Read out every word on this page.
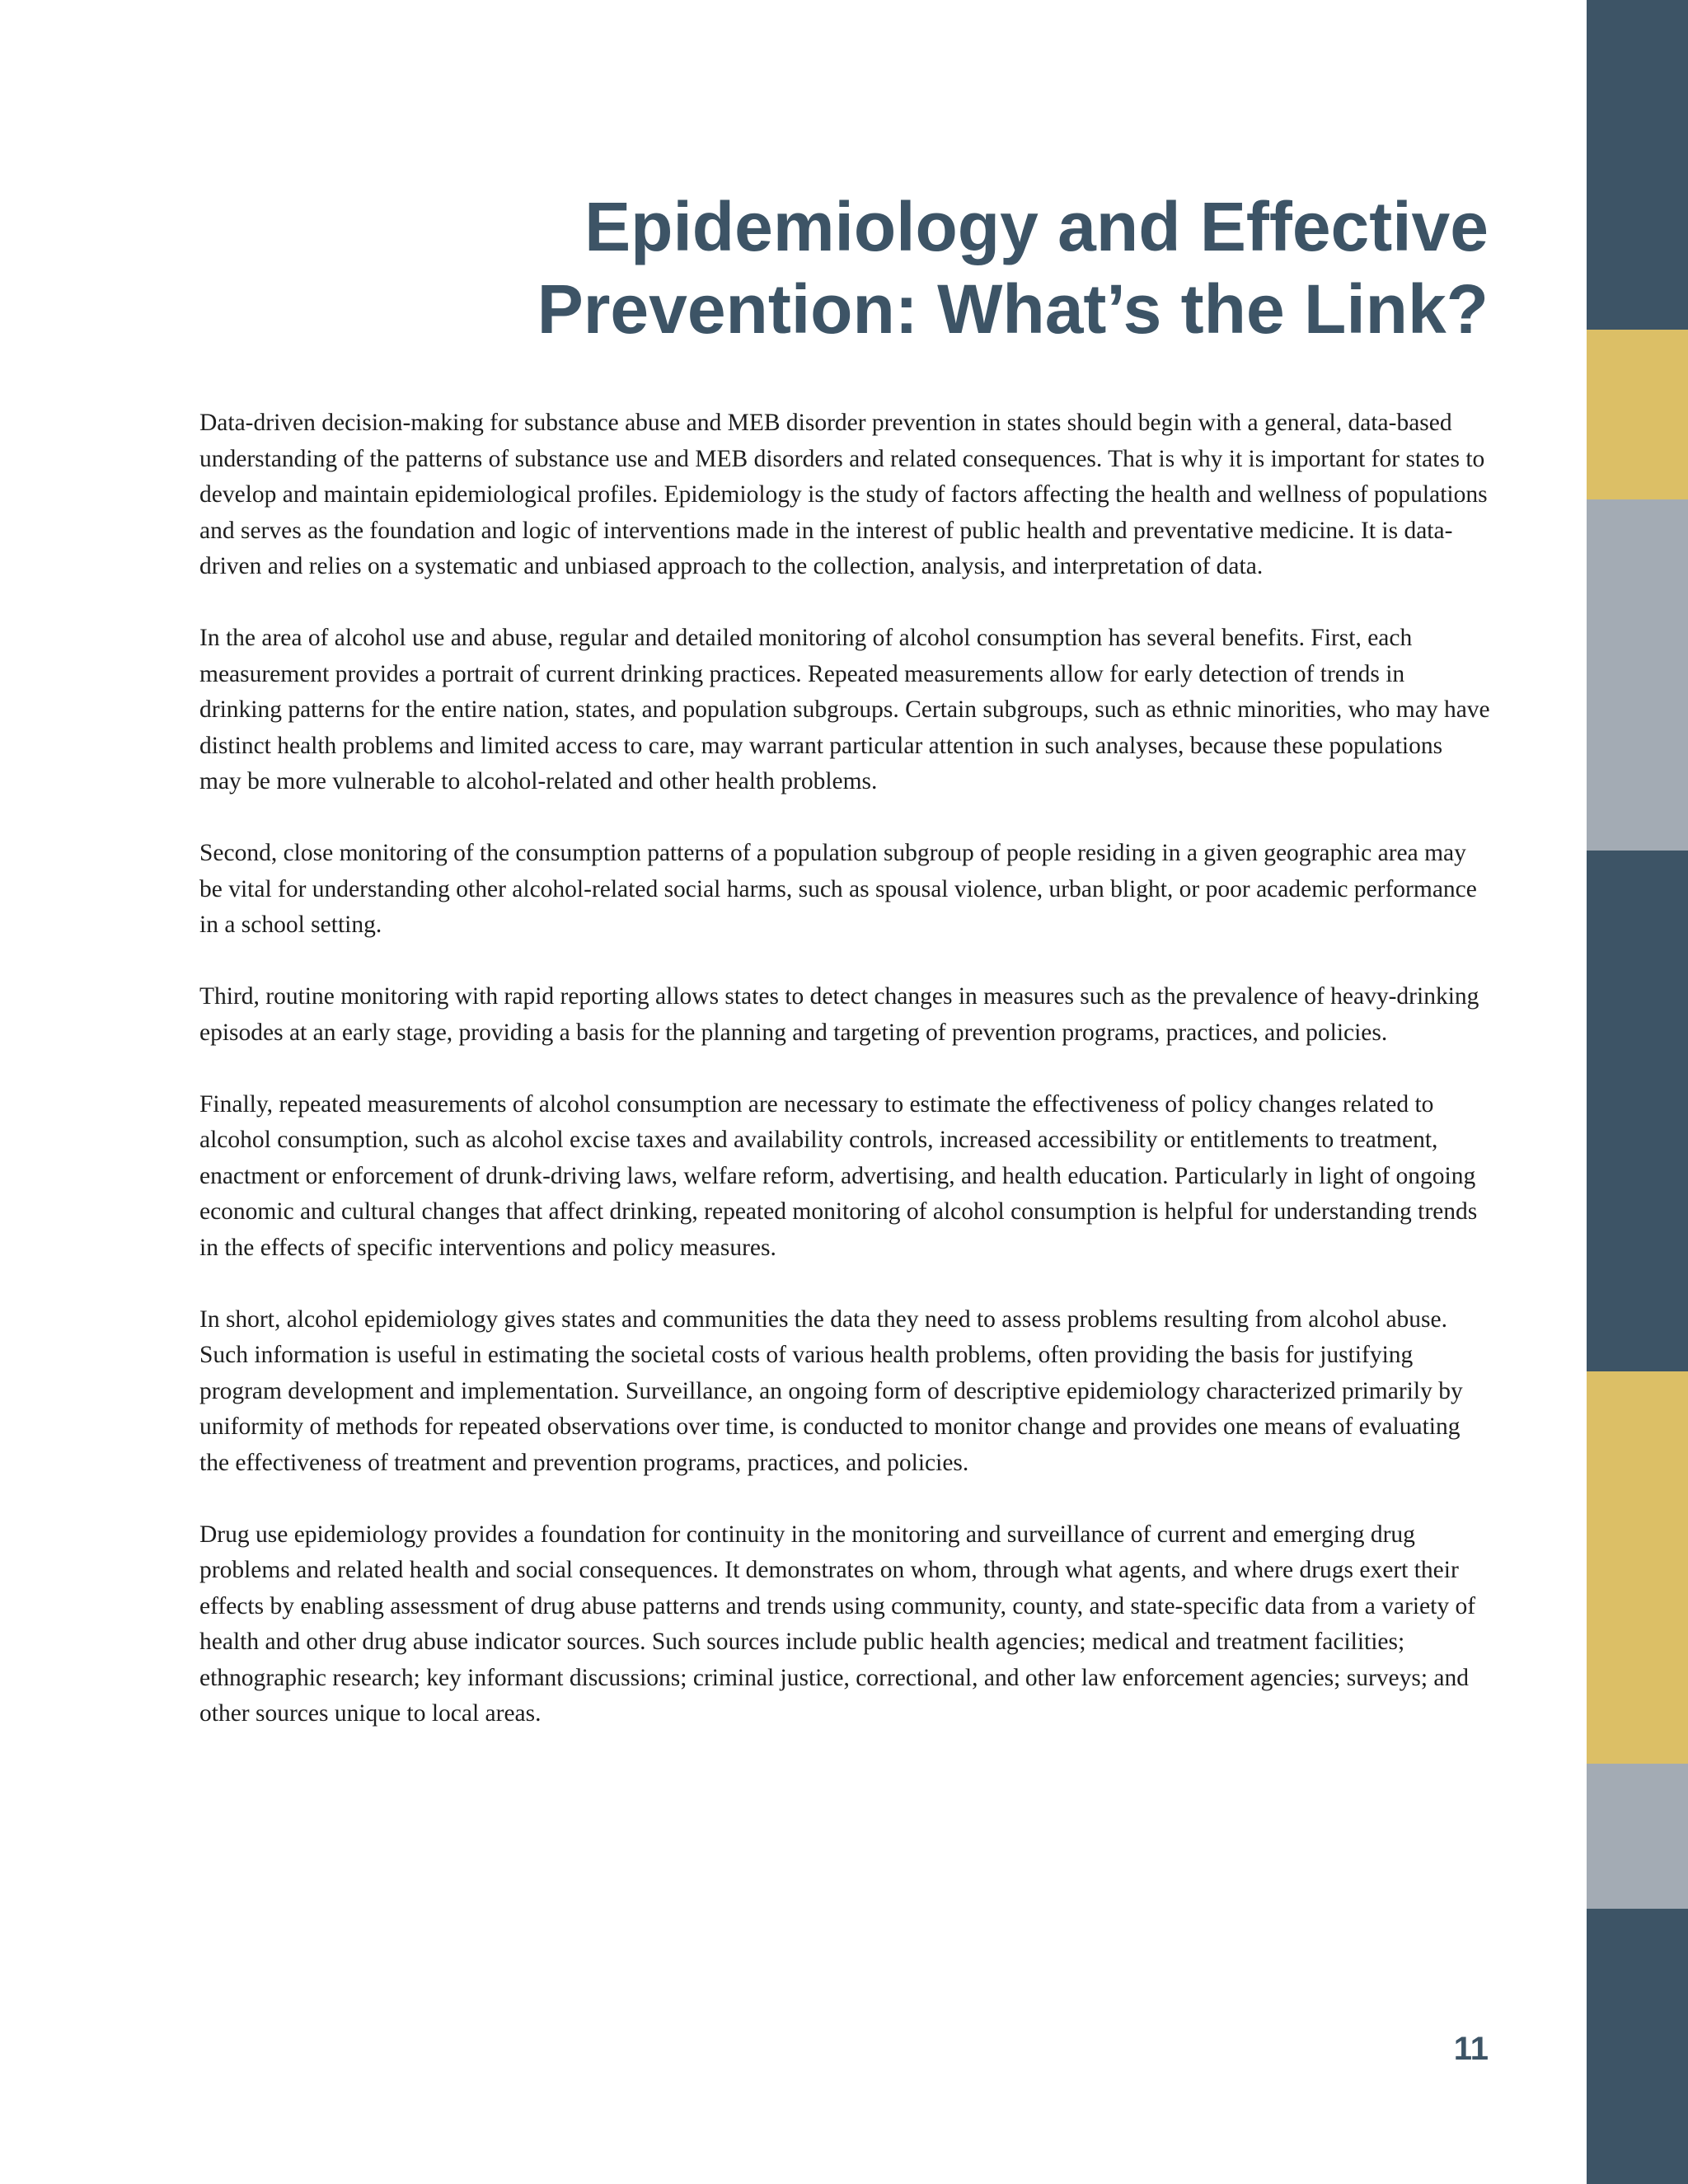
Epidemiology and Effective
Prevention: What’s the Link?

Data-driven decision-making for substance abuse and MEB disorder prevention in states should begin with a general, data-based understanding of the patterns of substance use and MEB disorders and related consequences. That is why it is important for states to develop and maintain epidemiological profiles. Epidemiology is the study of factors affecting the health and wellness of populations and serves as the foundation and logic of interventions made in the interest of public health and preventative medicine. It is data-driven and relies on a systematic and unbiased approach to the collection, analysis, and interpretation of data.

In the area of alcohol use and abuse, regular and detailed monitoring of alcohol consumption has several benefits. First, each measurement provides a portrait of current drinking practices. Repeated measurements allow for early detection of trends in drinking patterns for the entire nation, states, and population subgroups. Certain subgroups, such as ethnic minorities, who may have distinct health problems and limited access to care, may warrant particular attention in such analyses, because these populations may be more vulnerable to alcohol-related and other health problems.

Second, close monitoring of the consumption patterns of a population subgroup of people residing in a given geographic area may be vital for understanding other alcohol-related social harms, such as spousal violence, urban blight, or poor academic performance in a school setting.

Third, routine monitoring with rapid reporting allows states to detect changes in measures such as the prevalence of heavy-drinking episodes at an early stage, providing a basis for the planning and targeting of prevention programs, practices, and policies.

Finally, repeated measurements of alcohol consumption are necessary to estimate the effectiveness of policy changes related to alcohol consumption, such as alcohol excise taxes and availability controls, increased accessibility or entitlements to treatment, enactment or enforcement of drunk-driving laws, welfare reform, advertising, and health education. Particularly in light of ongoing economic and cultural changes that affect drinking, repeated monitoring of alcohol consumption is helpful for understanding trends in the effects of specific interventions and policy measures.

In short, alcohol epidemiology gives states and communities the data they need to assess problems resulting from alcohol abuse. Such information is useful in estimating the societal costs of various health problems, often providing the basis for justifying program development and implementation. Surveillance, an ongoing form of descriptive epidemiology characterized primarily by uniformity of methods for repeated observations over time, is conducted to monitor change and provides one means of evaluating the effectiveness of treatment and prevention programs, practices, and policies.

Drug use epidemiology provides a foundation for continuity in the monitoring and surveillance of current and emerging drug problems and related health and social consequences. It demonstrates on whom, through what agents, and where drugs exert their effects by enabling assessment of drug abuse patterns and trends using community, county, and state-specific data from a variety of health and other drug abuse indicator sources. Such sources include public health agencies; medical and treatment facilities; ethnographic research; key informant discussions; criminal justice, correctional, and other law enforcement agencies; surveys; and other sources unique to local areas.

11
